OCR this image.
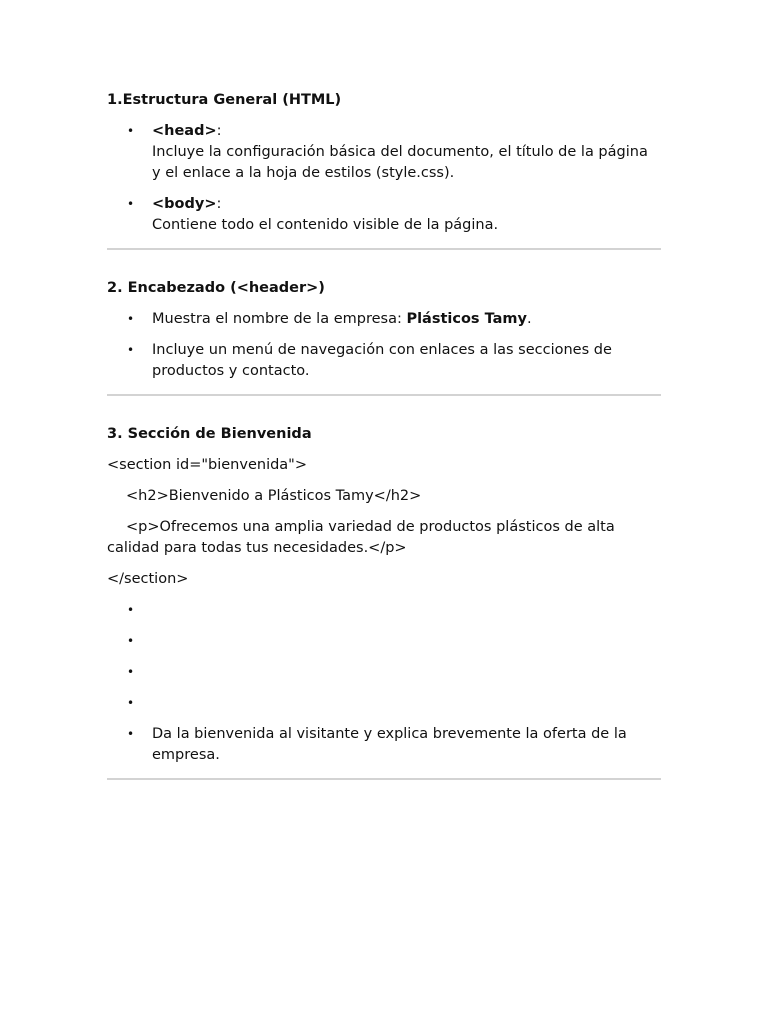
1.Estructura General (HTML)

• <head>:
Incluye la configuración básica del documento, el título de la página y el enlace a la hoja de estilos (style.css).
• <body>:
Contiene todo el contenido visible de la página.

2. Encabezado (<header>)

• Muestra el nombre de la empresa: Plásticos Tamy.
• Incluye un menú de navegación con enlaces a las secciones de productos y contacto.

3. Sección de Bienvenida

<section id="bienvenida">

<h2>Bienvenido a Plásticos Tamy</h2>

<p>Ofrecemos una amplia variedad de productos plásticos de alta
calidad para todas tus necesidades.</p>

</section>

•
•
•
•
• Da la bienvenida al visitante y explica brevemente la oferta de la empresa.
